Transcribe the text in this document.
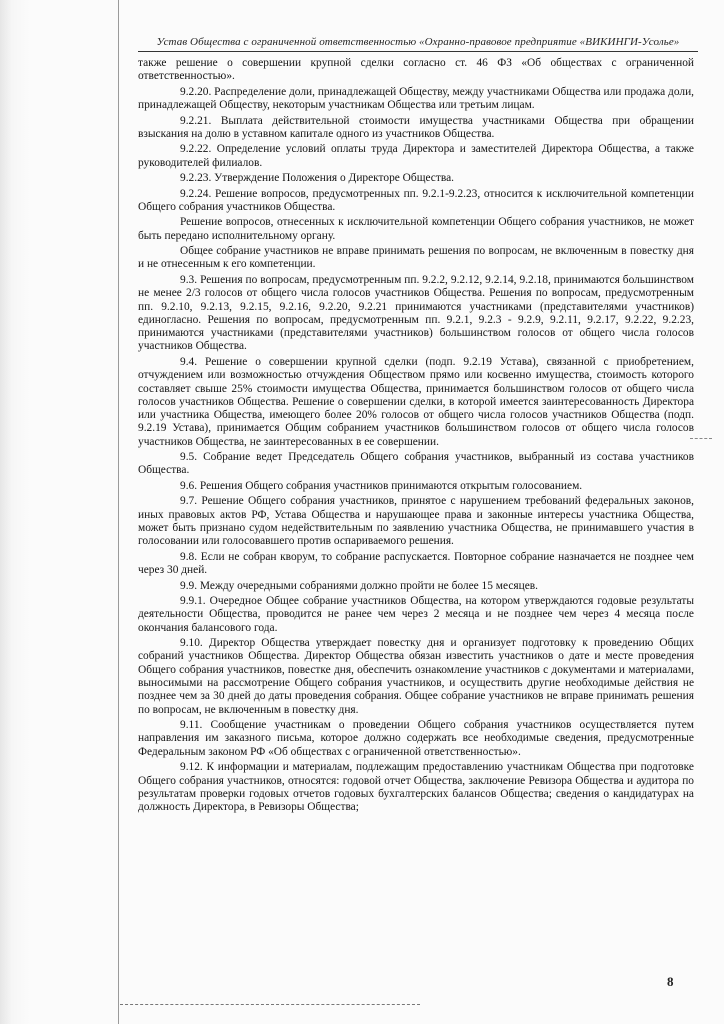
Устав Общества с ограниченной ответственностью «Охранно-правовое предприятие «ВИКИНГИ-Усолье»

также решение о совершении крупной сделки согласно ст. 46 ФЗ «Об обществах с ограниченной ответственностью».

9.2.20. Распределение доли, принадлежащей Обществу, между участниками Общества или продажа доли, принадлежащей Обществу, некоторым участникам Общества или третьим лицам.

9.2.21. Выплата действительной стоимости имущества участниками Общества при обращении взыскания на долю в уставном капитале одного из участников Общества.

9.2.22. Определение условий оплаты труда Директора и заместителей Директора Общества, а также руководителей филиалов.

9.2.23. Утверждение Положения о Директоре Общества.

9.2.24. Решение вопросов, предусмотренных пп. 9.2.1-9.2.23, относится к исключительной компетенции Общего собрания участников Общества.

Решение вопросов, отнесенных к исключительной компетенции Общего собрания участников, не может быть передано исполнительному органу.

Общее собрание участников не вправе принимать решения по вопросам, не включенным в повестку дня и не отнесенным к его компетенции.

9.3. Решения по вопросам, предусмотренным пп. 9.2.2, 9.2.12, 9.2.14, 9.2.18, принимаются большинством не менее 2/3 голосов от общего числа голосов участников Общества. Решения по вопросам, предусмотренным пп. 9.2.10, 9.2.13, 9.2.15, 9.2.16, 9.2.20, 9.2.21 принимаются участниками (представителями участников) единогласно. Решения по вопросам, предусмотренным пп. 9.2.1, 9.2.3 - 9.2.9, 9.2.11, 9.2.17, 9.2.22, 9.2.23, принимаются участниками (представителями участников) большинством голосов от общего числа голосов участников Общества.

9.4. Решение о совершении крупной сделки (подп. 9.2.19 Устава), связанной с приобретением, отчуждением или возможностью отчуждения Обществом прямо или косвенно имущества, стоимость которого составляет свыше 25% стоимости имущества Общества, принимается большинством голосов от общего числа голосов участников Общества. Решение о совершении сделки, в которой имеется заинтересованность Директора или участника Общества, имеющего более 20% голосов от общего числа голосов участников Общества (подп. 9.2.19 Устава), принимается Общим собранием участников большинством голосов от общего числа голосов участников Общества, не заинтересованных в ее совершении.

9.5. Собрание ведет Председатель Общего собрания участников, выбранный из состава участников Общества.

9.6. Решения Общего собрания участников принимаются открытым голосованием.

9.7. Решение Общего собрания участников, принятое с нарушением требований федеральных законов, иных правовых актов РФ, Устава Общества и нарушающее права и законные интересы участника Общества, может быть признано судом недействительным по заявлению участника Общества, не принимавшего участия в голосовании или голосовавшего против оспариваемого решения.

9.8. Если не собран кворум, то собрание распускается. Повторное собрание назначается не позднее чем через 30 дней.

9.9. Между очередными собраниями должно пройти не более 15 месяцев.

9.9.1. Очередное Общее собрание участников Общества, на котором утверждаются годовые результаты деятельности Общества, проводится не ранее чем через 2 месяца и не позднее чем через 4 месяца после окончания балансового года.

9.10. Директор Общества утверждает повестку дня и организует подготовку к проведению Общих собраний участников Общества. Директор Общества обязан известить участников о дате и месте проведения Общего собрания участников, повестке дня, обеспечить ознакомление участников с документами и материалами, выносимыми на рассмотрение Общего собрания участников, и осуществить другие необходимые действия не позднее чем за 30 дней до даты проведения собрания. Общее собрание участников не вправе принимать решения по вопросам, не включенным в повестку дня.

9.11. Сообщение участникам о проведении Общего собрания участников осуществляется путем направления им заказного письма, которое должно содержать все необходимые сведения, предусмотренные Федеральным законом РФ «Об обществах с ограниченной ответственностью».

9.12. К информации и материалам, подлежащим предоставлению участникам Общества при подготовке Общего собрания участников, относятся: годовой отчет Общества, заключение Ревизора Общества и аудитора по результатам проверки годовых отчетов годовых бухгалтерских балансов Общества; сведения о кандидатурах на должность Директора, в Ревизоры Общества;

8
